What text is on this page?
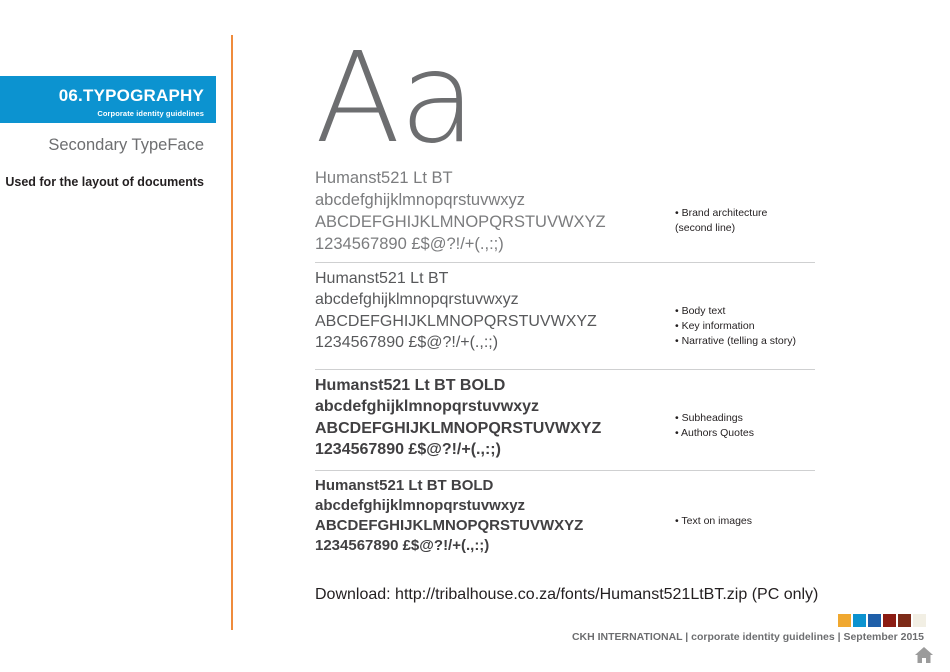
06.TYPOGRAPHY
Corporate identity guidelines
Secondary TypeFace
Used for the layout of documents
Aa
Humanst521 Lt BT
abcdefghijklmnopqrstuvwxyz
ABCDEFGHIJKLMNOPQRSTUVWXYZ
1234567890 £$@?!/+(.,:;)
• Brand architecture
(second line)
Humanst521 Lt BT
abcdefghijklmnopqrstuvwxyz
ABCDEFGHIJKLMNOPQRSTUVWXYZ
1234567890 £$@?!/+(.,:;)
• Body text
• Key information
• Narrative (telling a story)
Humanst521 Lt BT BOLD
abcdefghijklmnopqrstuvwxyz
ABCDEFGHIJKLMNOPQRSTUVWXYZ
1234567890 £$@?!/+(.,:;)
• Subheadings
• Authors Quotes
Humanst521 Lt BT BOLD
abcdefghijklmnopqrstuvwxyz
ABCDEFGHIJKLMNOPQRSTUVWXYZ
1234567890 £$@?!/+(.,:;)
• Text on images
Download: http://tribalhouse.co.za/fonts/Humanst521LtBT.zip (PC only)
CKH INTERNATIONAL | corporate identity guidelines | September 2015
